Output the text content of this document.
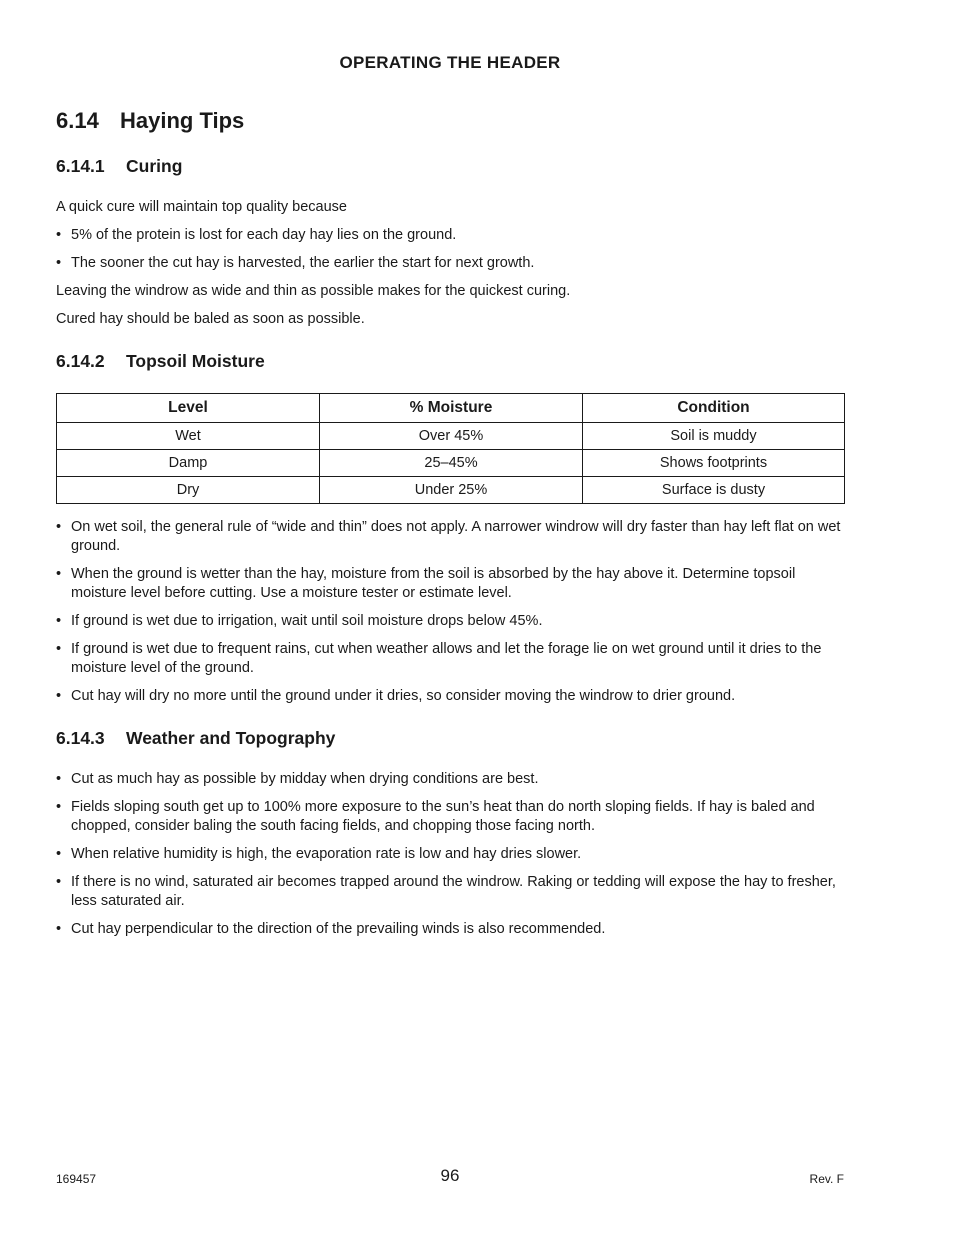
OPERATING THE HEADER
6.14 Haying Tips
6.14.1 Curing

A quick cure will maintain top quality because

• 5% of the protein is lost for each day hay lies on the ground.
• The sooner the cut hay is harvested, the earlier the start for next growth.

Leaving the windrow as wide and thin as possible makes for the quickest curing.

Cured hay should be baled as soon as possible.

6.14.2 Topsoil Moisture
Level	% Moisture	Condition
Wet	Over 45%	Soil is muddy
Damp	25–45%	Shows footprints
Dry	Under 25%	Surface is dusty
• On wet soil, the general rule of “wide and thin” does not apply. A narrower windrow will dry faster than hay left flat on wet ground.
• When the ground is wetter than the hay, moisture from the soil is absorbed by the hay above it. Determine topsoil moisture level before cutting. Use a moisture tester or estimate level.
• If ground is wet due to irrigation, wait until soil moisture drops below 45%.
• If ground is wet due to frequent rains, cut when weather allows and let the forage lie on wet ground until it dries to the moisture level of the ground.
• Cut hay will dry no more until the ground under it dries, so consider moving the windrow to drier ground.
6.14.3 Weather and Topography
• Cut as much hay as possible by midday when drying conditions are best.
• Fields sloping south get up to 100% more exposure to the sun’s heat than do north sloping fields. If hay is baled and chopped, consider baling the south facing fields, and chopping those facing north.
• When relative humidity is high, the evaporation rate is low and hay dries slower.
• If there is no wind, saturated air becomes trapped around the windrow. Raking or tedding will expose the hay to fresher, less saturated air.
• Cut hay perpendicular to the direction of the prevailing winds is also recommended.
169457	96	Rev. F
